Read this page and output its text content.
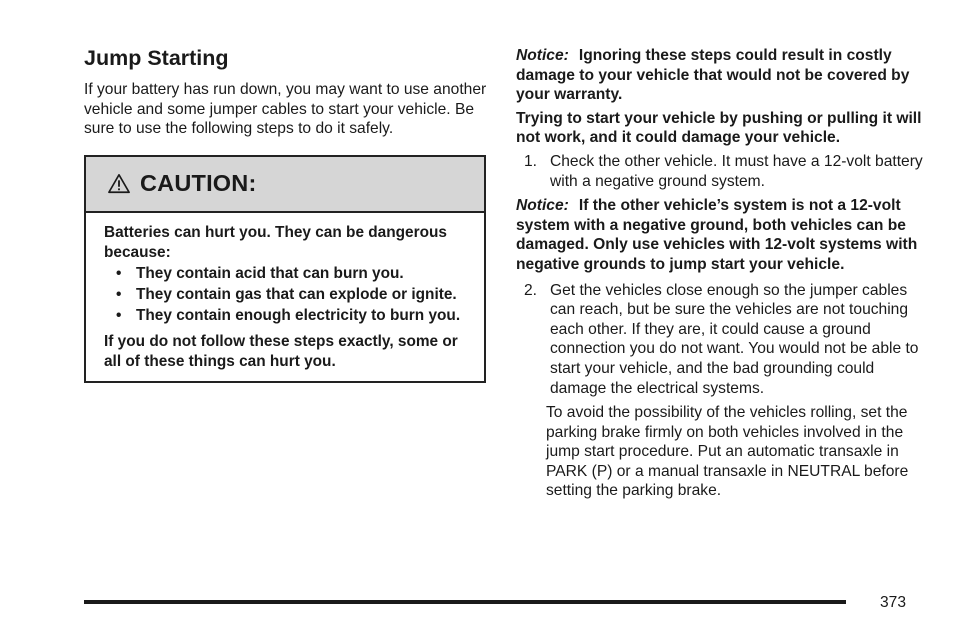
Jump Starting

If your battery has run down, you may want to use another vehicle and some jumper cables to start your vehicle. Be sure to use the following steps to do it safely.

CAUTION:

Batteries can hurt you. They can be dangerous because:

• They contain acid that can burn you.
• They contain gas that can explode or ignite.
• They contain enough electricity to burn you.

If you do not follow these steps exactly, some or all of these things can hurt you.

Notice: Ignoring these steps could result in costly damage to your vehicle that would not be covered by your warranty.

Trying to start your vehicle by pushing or pulling it will not work, and it could damage your vehicle.

1. Check the other vehicle. It must have a 12-volt battery with a negative ground system.

Notice: If the other vehicle’s system is not a 12-volt system with a negative ground, both vehicles can be damaged. Only use vehicles with 12-volt systems with negative grounds to jump start your vehicle.

2. Get the vehicles close enough so the jumper cables can reach, but be sure the vehicles are not touching each other. If they are, it could cause a ground connection you do not want. You would not be able to start your vehicle, and the bad grounding could damage the electrical systems.

To avoid the possibility of the vehicles rolling, set the parking brake firmly on both vehicles involved in the jump start procedure. Put an automatic transaxle in PARK (P) or a manual transaxle in NEUTRAL before setting the parking brake.

373
